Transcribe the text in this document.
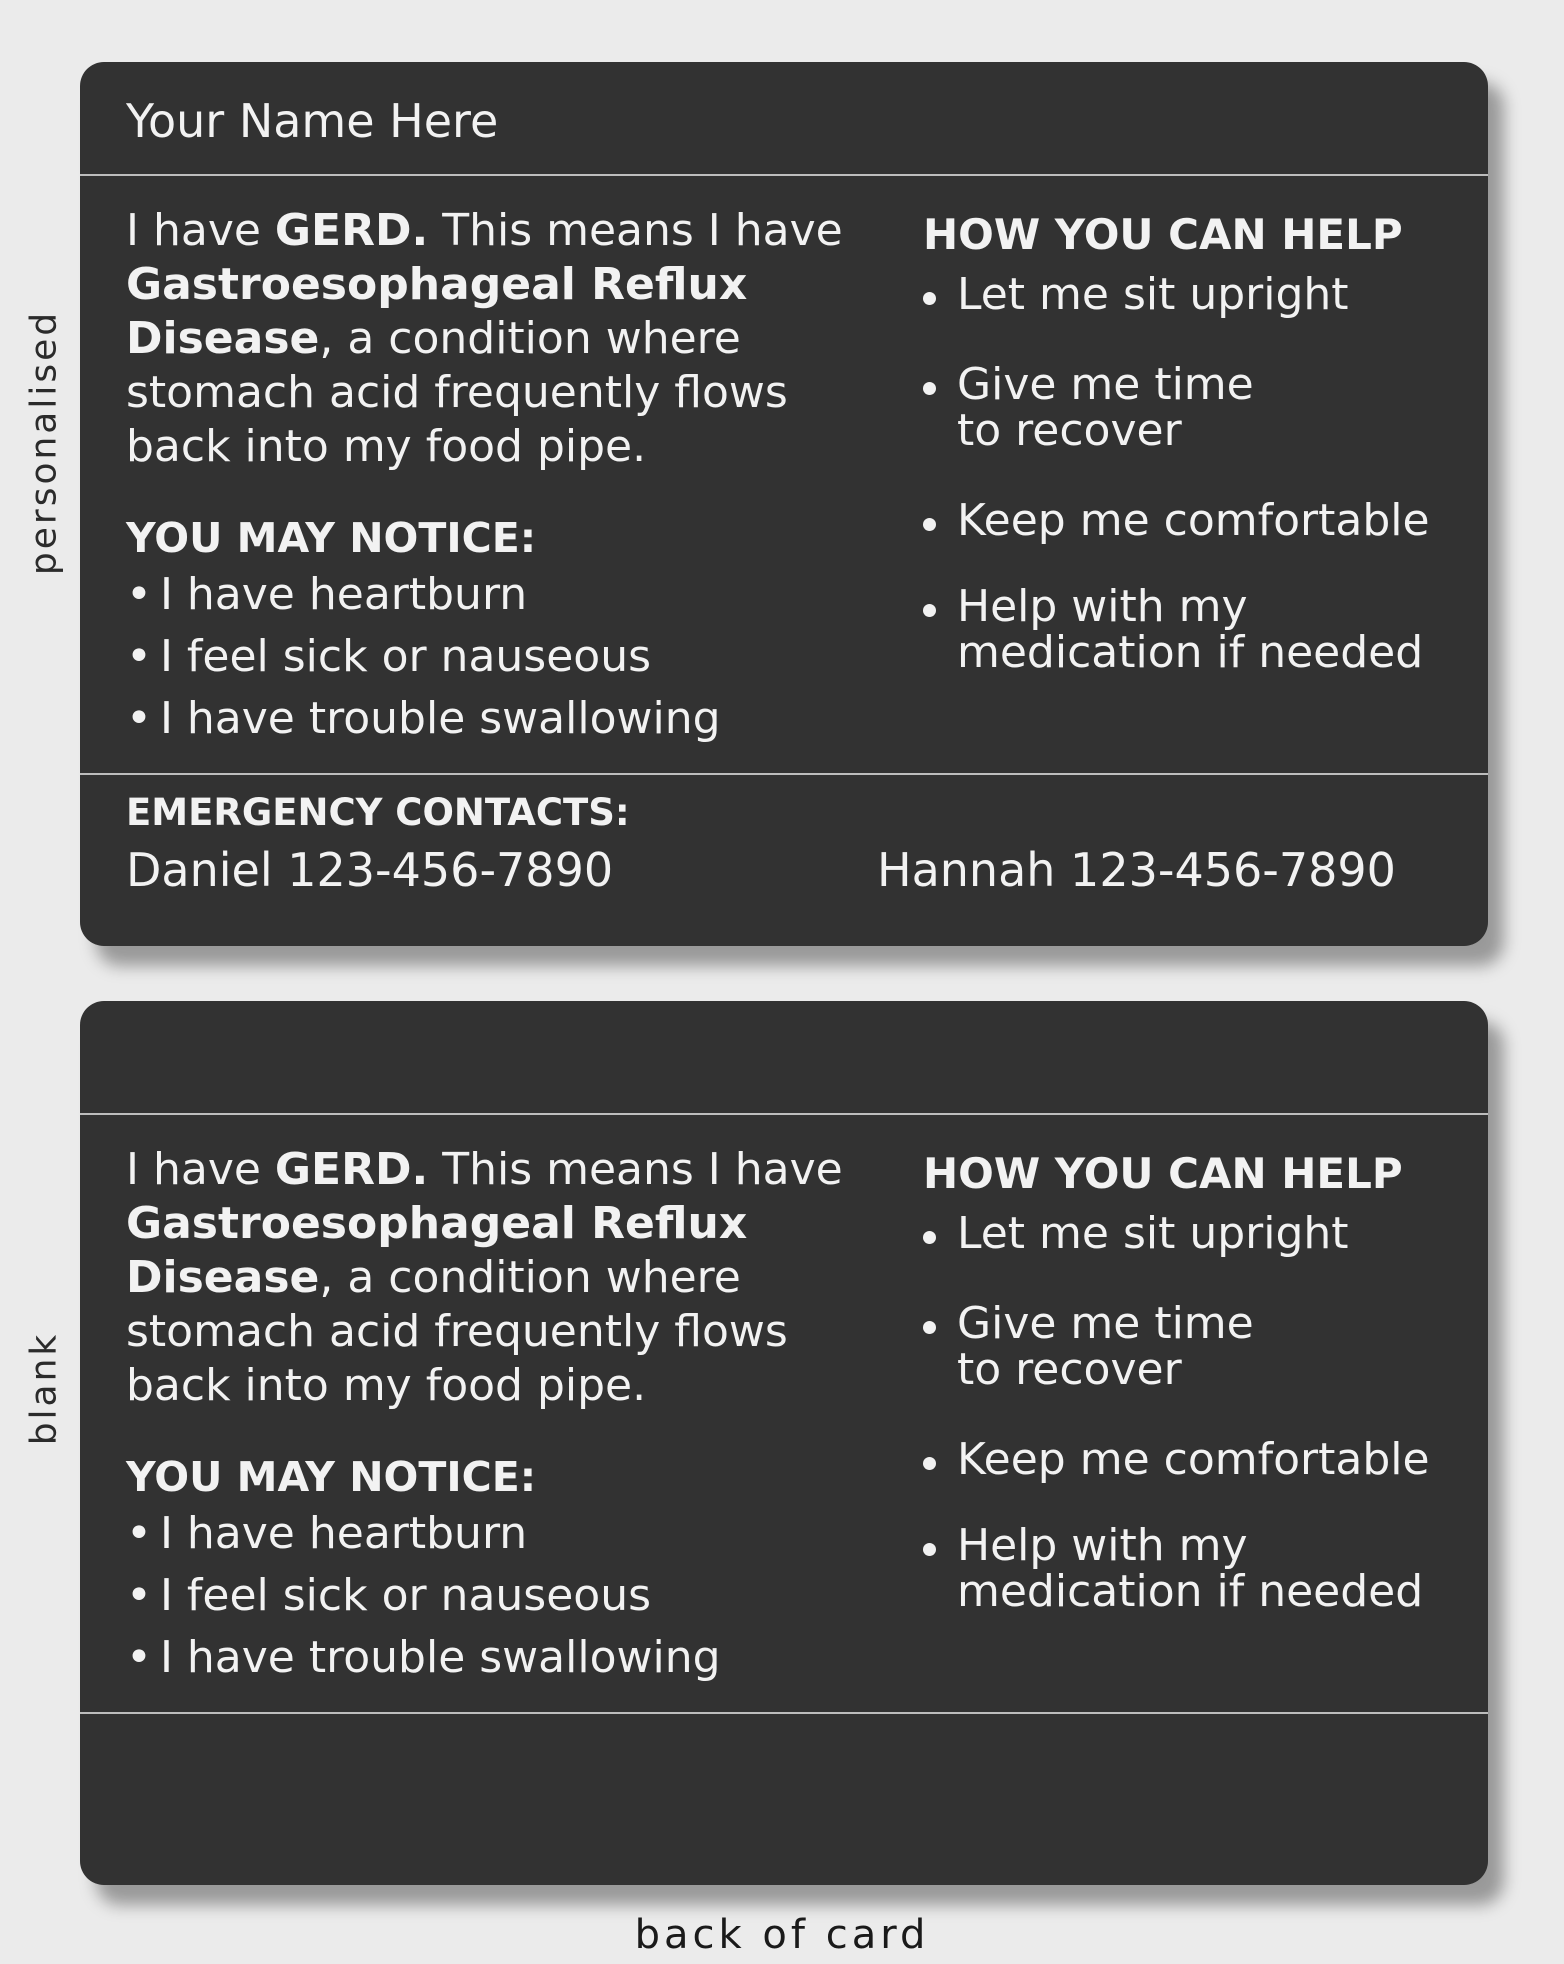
personalised
blank
Your Name Here
I have GERD. This means I have Gastroesophageal Reflux Disease, a condition where stomach acid frequently flows back into my food pipe.
YOU MAY NOTICE:
• I have heartburn
• I feel sick or nauseous
• I have trouble swallowing
HOW YOU CAN HELP
Let me sit upright
Give me time to recover
Keep me comfortable
Help with my medication if needed
EMERGENCY CONTACTS:
Daniel 123-456-7890	Hannah 123-456-7890
I have GERD. This means I have Gastroesophageal Reflux Disease, a condition where stomach acid frequently flows back into my food pipe.
YOU MAY NOTICE:
• I have heartburn
• I feel sick or nauseous
• I have trouble swallowing
HOW YOU CAN HELP
Let me sit upright
Give me time to recover
Keep me comfortable
Help with my medication if needed
back of card
